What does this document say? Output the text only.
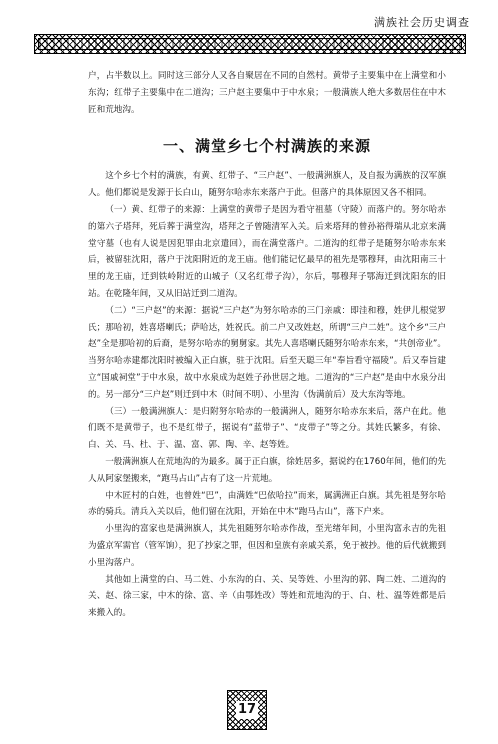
满族社会历史调查

户，占半数以上。同时这三部分人又各自聚居在不同的自然村。黄带子主要集中在上满堂和小东沟；红带子主要集中在二道沟；三户赵主要集中于中水泉；一般满族人绝大多数居住在中木匠和荒地沟。

一、满堂乡七个村满族的来源

这个乡七个村的满族，有黄、红带子、“三户赵”、一般满洲旗人，及自报为满族的汉军旗人。他们都说是发源于长白山，随努尔哈赤东来落户于此。但落户的具体原因又各不相同。

（一）黄、红带子的来源：上满堂的黄带子是因为看守祖墓（守陵）而落户的。努尔哈赤的第六子塔拜，死后葬于满堂沟，塔拜之子曾随清军入关。后来塔拜的曾孙裕得瑞从北京来满堂守墓（也有人说是因犯罪由北京遣回），而在满堂落户。二道沟的红带子是随努尔哈赤东来后，被留驻沈阳，落户于沈阳附近的龙王庙。他们能记忆最早的祖先是鄂穆拜，由沈阳南三十里的龙王庙，迁到铁岭附近的山城子（又名红带子沟），尔后，鄂穆拜子鄂海迁到沈阳东的旧站。在乾隆年间，又从旧站迁到二道沟。

（二）“三户赵”的来源：据说“三户赵”为努尔哈赤的三门亲戚：即洼和穆，姓伊儿根觉罗氏；那哈初，姓喜塔喇氏；萨哈达，姓祝氏。前二户又改姓赵，所谓“三户二姓”。这个乡“三户赵”全是那哈初的后裔，是努尔哈赤的舅舅家。其先人喜塔喇氏随努尔哈赤东来，“共创帝业”。当努尔哈赤建都沈阳时被编入正白旗，驻于沈阳。后至天聪三年“奉旨看守福陵”。后又奉旨建立“国戚祠堂”于中水泉，故中水泉成为赵姓子孙世居之地。二道沟的“三户赵”是由中水泉分出的。另一部分“三户赵”则迁到中木（时间不明）、小里沟（伪满前后）及大东沟等地。

（三）一般满洲旗人：是归附努尔哈赤的一般满洲人，随努尔哈赤东来后，落户在此。他们既不是黄带子，也不是红带子，据说有“蓝带子”、“皮带子”等之分。其姓氏繁多，有徐、白、关、马、杜、于、温、富、郭、陶、辛、赵等姓。

一般满洲旗人在荒地沟的为最多。属于正白旗，徐姓居多，据说约在1760年间，他们的先人从阿家堡搬来，“跑马占山”占有了这一片荒地。

中木匠村的白姓，也曾姓“巴”，由满姓“巴依哈拉”而来，属满洲正白旗。其先祖是努尔哈赤的骑兵。清兵入关以后，他们留在沈阳，开始在中木“跑马占山”，落下户来。

小里沟的富家也是满洲旗人，其先祖随努尔哈赤作战，至光绪年间，小里沟富永吉的先祖为盛京军需官（管军饷），犯了抄家之罪，但因和皇族有亲戚关系，免于被抄。他的后代就搬到小里沟落户。

其他如上满堂的白、马二姓、小东沟的白、关、吴等姓、小里沟的郭、陶二姓、二道沟的关、赵、徐三家，中木的徐、富、辛（由鄂姓改）等姓和荒地沟的于、白、杜、温等姓都是后来搬入的。

17
